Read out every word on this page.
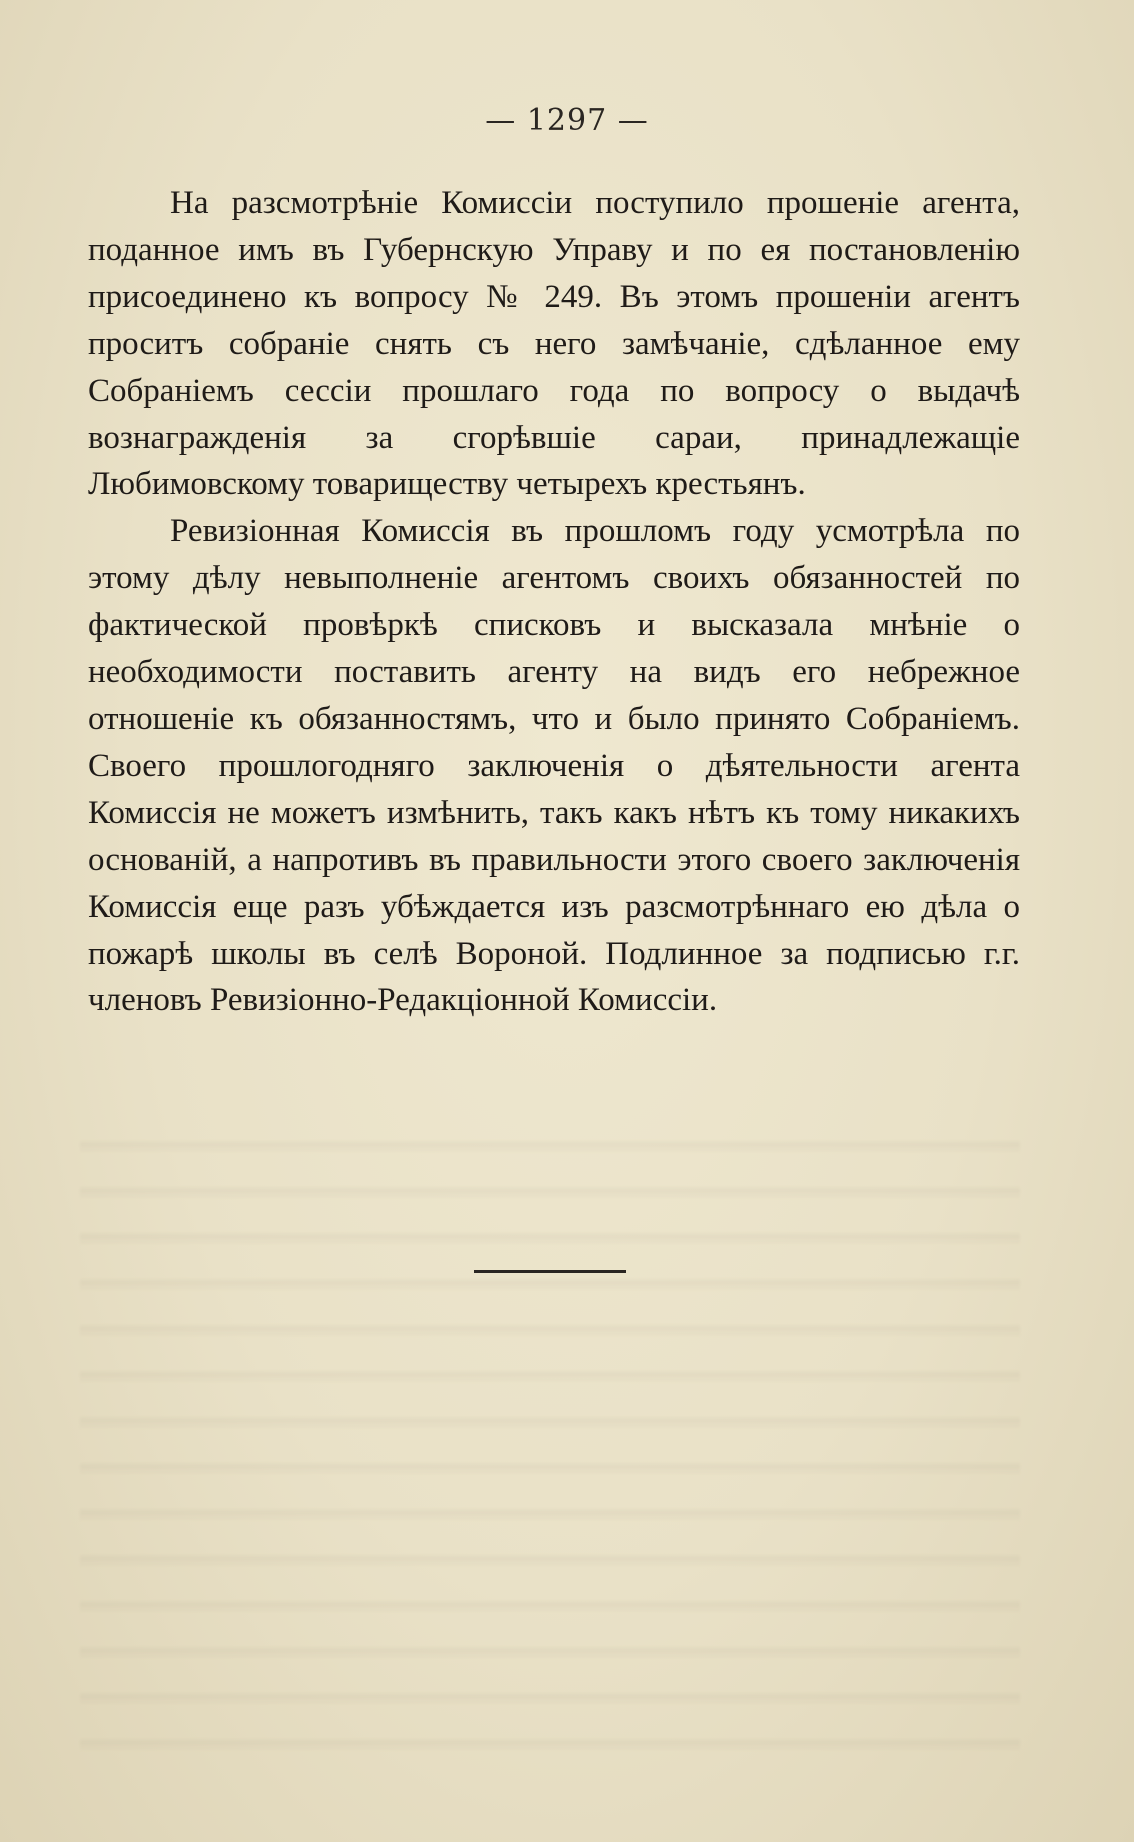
— 1297 —

На разсмотрѣніе Комиссіи поступило прошеніе агента, поданное имъ въ Губернскую Управу и по ея постановленію присоединено къ вопросу № 249. Въ этомъ прошеніи агентъ проситъ собраніе снять съ него замѣчаніе, сдѣланное ему Собраніемъ сессіи прошлаго года по вопросу о выдачѣ вознагражденія за сгорѣвшіе сараи, принадлежащіе Любимовскому товариществу четырехъ крестьянъ.

Ревизіонная Комиссія въ прошломъ году усмотрѣла по этому дѣлу невыполненіе агентомъ своихъ обязанностей по фактической провѣркѣ списковъ и высказала мнѣніе о необходимости поставить агенту на видъ его небрежное отношеніе къ обязанностямъ, что и было принято Собраніемъ. Своего прошлогодняго заключенія о дѣятельности агента Комиссія не можетъ измѣнить, такъ какъ нѣтъ къ тому никакихъ основаній, а напротивъ въ правильности этого своего заключенія Комиссія еще разъ убѣждается изъ разсмотрѣннаго ею дѣла о пожарѣ школы въ селѣ Вороной. Подлинное за подписью г.г. членовъ Ревизіонно-Редакціонной Комиссіи.
